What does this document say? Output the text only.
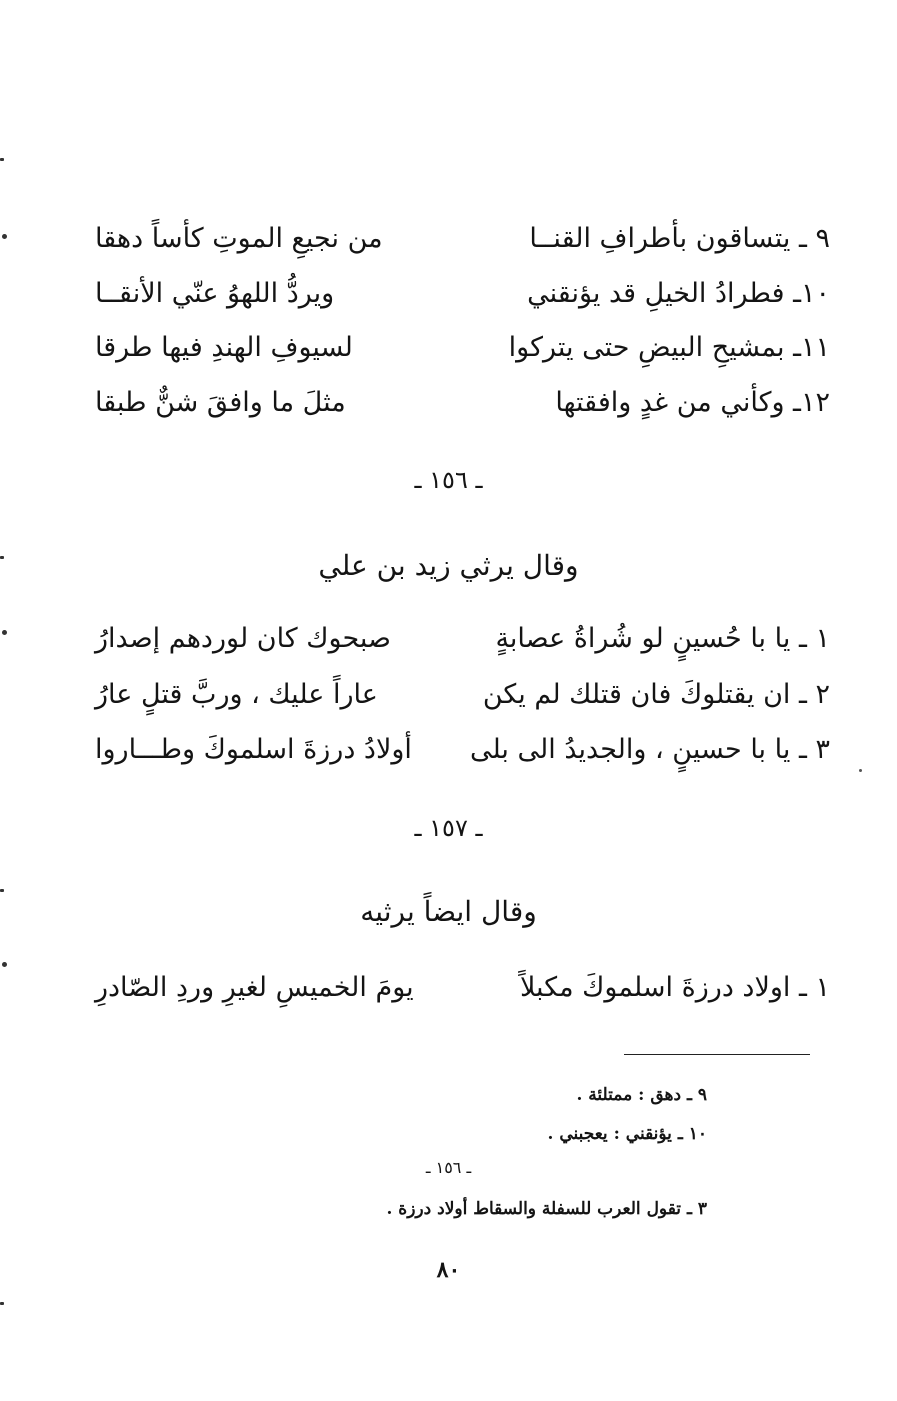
٩ ـ يتساقون بأطرافِ القنــا
من نجيعِ الموتِ كأساً دهقا
١٠ـ فطرادُ الخيلِ قد يؤنقني
ويردُّ اللهوُ عنّي الأنقــا
١١ـ بمشيحِ البيضِ حتى يتركوا
لسيوفِ الهندِ فيها طرقا
١٢ـ وكأني من غدٍ وافقتها
مثلَ ما وافقَ شنٌّ طبقا
ـ ١٥٦ ـ
وقال يرثي زيد بن علي
١ ـ يا با حُسينٍ لو شُراةُ عصابةٍ
صبحوك كان لوردهم إصدارُ
٢ ـ ان يقتلوكَ فان قتلك لم يكن
عاراً عليك ، وربَّ قتلٍ عارُ
٣ ـ يا با حسينٍ ، والجديدُ الى بلى
أولادُ درزةَ اسلموكَ وطـــاروا
ـ ١٥٧ ـ
وقال ايضاً يرثيه
١ ـ اولاد درزةَ اسلموكَ مكبلاً
يومَ الخميسِ لغيرِ وردِ الصّادرِ
٩ ـ دهق : ممتلئة .
١٠ ـ يؤنقني : يعجبني .
ـ ١٥٦ ـ
٣ ـ تقول العرب للسفلة والسقاط أولاد درزة .
٨٠
